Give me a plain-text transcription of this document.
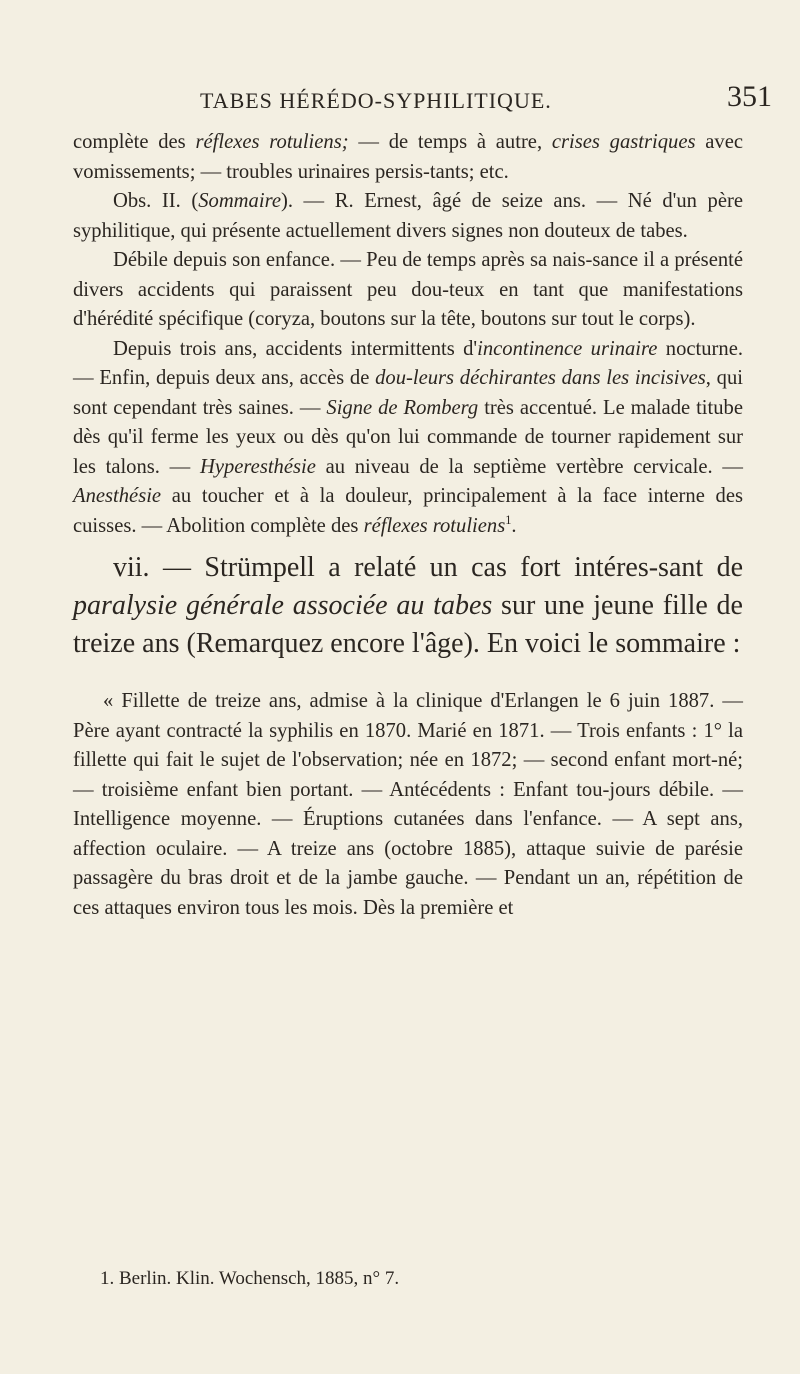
TABES HÉRÉDO-SYPHILITIQUE.	351

complète des réflexes rotuliens; — de temps à autre, crises gastriques avec vomissements; — troubles urinaires persis-tants; etc.

Obs. II. (Sommaire). — R. Ernest, âgé de seize ans. — Né d'un père syphilitique, qui présente actuellement divers signes non douteux de tabes.

Débile depuis son enfance. — Peu de temps après sa nais-sance il a présenté divers accidents qui paraissent peu dou-teux en tant que manifestations d'hérédité spécifique (coryza, boutons sur la tête, boutons sur tout le corps).

Depuis trois ans, accidents intermittents d'incontinence urinaire nocturne. — Enfin, depuis deux ans, accès de dou-leurs déchirantes dans les incisives, qui sont cependant très saines. — Signe de Romberg très accentué. Le malade titube dès qu'il ferme les yeux ou dès qu'on lui commande de tourner rapidement sur les talons. — Hyperesthésie au niveau de la septième vertèbre cervicale. — Anesthésie au toucher et à la douleur, principalement à la face interne des cuisses. — Abolition complète des réflexes rotuliens$^1$.

vii. — Strümpell a relaté un cas fort intéres-sant de paralysie générale associée au tabes sur une jeune fille de treize ans (Remarquez encore l'âge). En voici le sommaire :

« Fillette de treize ans, admise à la clinique d'Erlangen le 6 juin 1887. — Père ayant contracté la syphilis en 1870. Marié en 1871. — Trois enfants : 1° la fillette qui fait le sujet de l'observation; née en 1872; — second enfant mort-né; — troisième enfant bien portant. — Antécédents : Enfant tou-jours débile. — Intelligence moyenne. — Éruptions cutanées dans l'enfance. — A sept ans, affection oculaire. — A treize ans (octobre 1885), attaque suivie de parésie passagère du bras droit et de la jambe gauche. — Pendant un an, répétition de ces attaques environ tous les mois. Dès la première et

1. Berlin. Klin. Wochensch, 1885, n° 7.
